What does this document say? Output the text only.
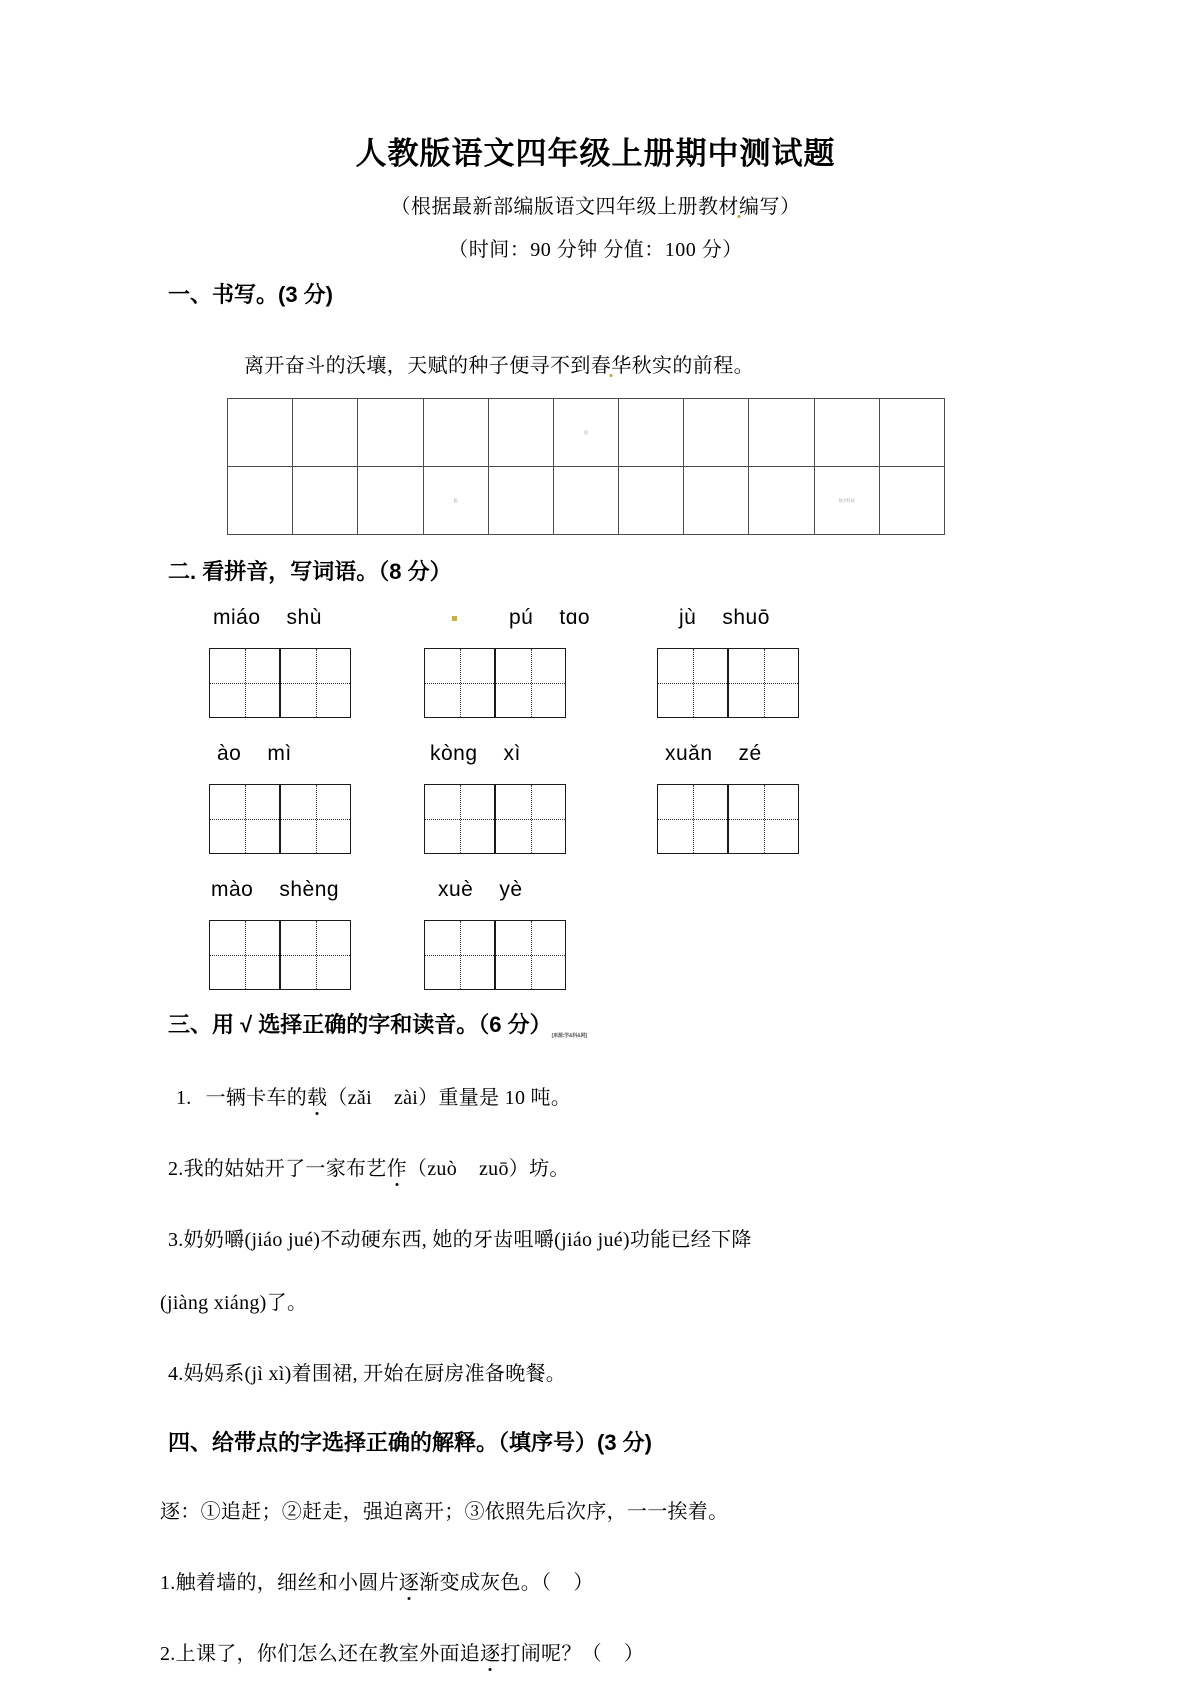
人教版语文四年级上册期中测试题

（根据最新部编版语文四年级上册教材编写）

（时间：90 分钟 分值：100 分）

一、书写。(3 分)

离开奋斗的沃壤，天赋的种子便寻不到春华秋实的前程。

					版					

			版						数学科网	

二. 看拼音，写词语。（8 分）
miáo shù	pú tɑo	jù shuō
ào mì	kòng xì	xuǎn zé
mào shèng	xuè yè
三、用 √ 选择正确的字和读音。（6 分）[来源:学&科&网]

1. 一辆卡车的载（zǎi zài）重量是 10 吨。

2.我的姑姑开了一家布艺作（zuò zuō）坊。

3.奶奶嚼(jiáo jué)不动硬东西, 她的牙齿咀嚼(jiáo jué)功能已经下降

(jiàng xiáng)了。

4.妈妈系(jì xì)着围裙, 开始在厨房准备晚餐。

四、给带点的字选择正确的解释。（填序号）(3 分)

逐：①追赶；②赶走，强迫离开；③依照先后次序，一一挨着。

1.触着墙的，细丝和小圆片逐渐变成灰色。（ ）

2.上课了，你们怎么还在教室外面追逐打闹呢？（ ）
